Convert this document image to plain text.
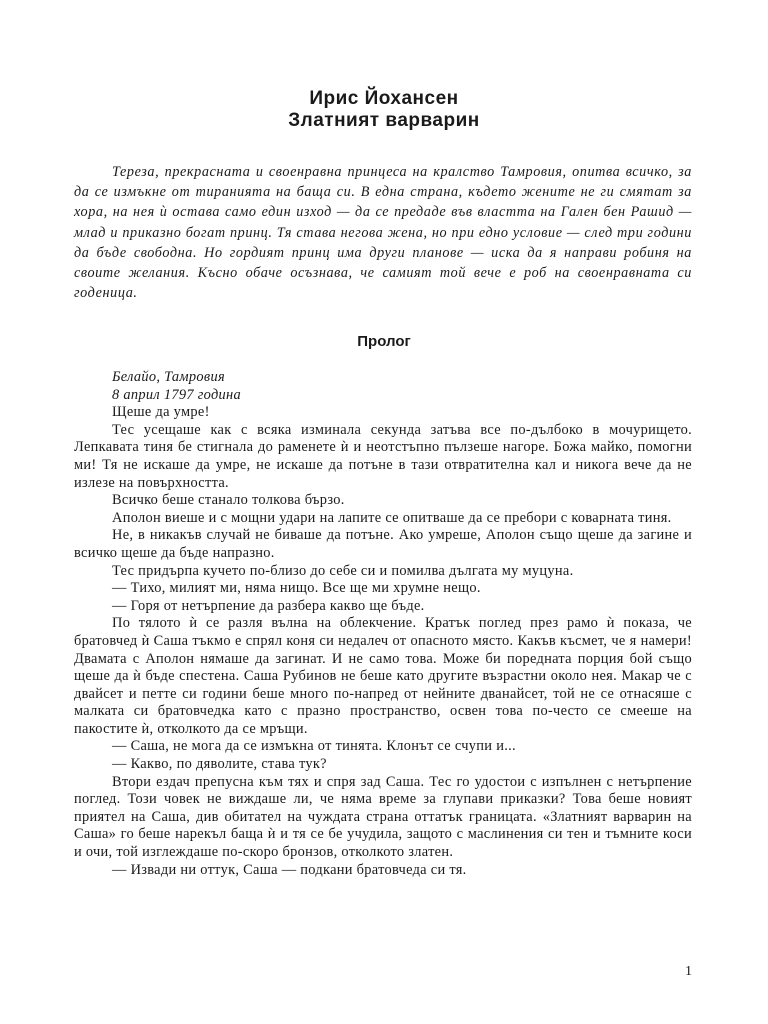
Ирис Йохансен
Златният варварин

Тереза, прекрасната и своенравна принцеса на кралство Тамровия, опитва всичко, за да се измъкне от тиранията на баща си. В една страна, където жените не ги смятат за хора, на нея ѝ остава само един изход — да се предаде във властта на Гален бен Рашид — млад и приказно богат принц. Тя става негова жена, но при едно условие — след три години да бъде свободна. Но гордият принц има други планове — иска да я направи робиня на своите желания. Късно обаче осъзнава, че самият той вече е роб на своенравната си годеница.

Пролог

Белайо, Тамровия

8 април 1797 година

Щеше да умре!

Тес усещаше как с всяка изминала секунда затъва все по-дълбоко в мочурището. Лепкавата тиня бе стигнала до раменете ѝ и неотстъпно пълзеше нагоре. Божа майко, помогни ми! Тя не искаше да умре, не искаше да потъне в тази отвратителна кал и никога вече да не излезе на повърхността.

Всичко беше станало толкова бързо.

Аполон виеше и с мощни удари на лапите се опитваше да се пребори с коварната тиня.

Не, в никакъв случай не биваше да потъне. Ако умреше, Аполон също щеше да загине и всичко щеше да бъде напразно.

Тес придърпа кучето по-близо до себе си и помилва дългата му муцуна.

— Тихо, милият ми, няма нищо. Все ще ми хрумне нещо.

— Горя от нетърпение да разбера какво ще бъде.

По тялото ѝ се разля вълна на облекчение. Кратък поглед през рамо ѝ показа, че братовчед ѝ Саша тъкмо е спрял коня си недалеч от опасното място. Какъв късмет, че я намери! Двамата с Аполон нямаше да загинат. И не само това. Може би поредната порция бой също щеше да ѝ бъде спестена. Саша Рубинов не беше като другите възрастни около нея. Макар че с двайсет и петте си години беше много по-напред от нейните дванайсет, той не се отнасяше с малката си братовчедка като с празно пространство, освен това по-често се смееше на пакостите ѝ, отколкото да се мръщи.

— Саша, не мога да се измъкна от тинята. Клонът се счупи и...

— Какво, по дяволите, става тук?

Втори ездач препусна към тях и спря зад Саша. Тес го удостои с изпълнен с нетърпение поглед. Този човек не виждаше ли, че няма време за глупави приказки? Това беше новият приятел на Саша, див обитател на чуждата страна оттатък границата. «Златният варварин на Саша» го беше нарекъл баща ѝ и тя се бе учудила, защото с маслинения си тен и тъмните коси и очи, той изглеждаше по-скоро бронзов, отколкото златен.

— Извади ни оттук, Саша — подкани братовчеда си тя.

1
